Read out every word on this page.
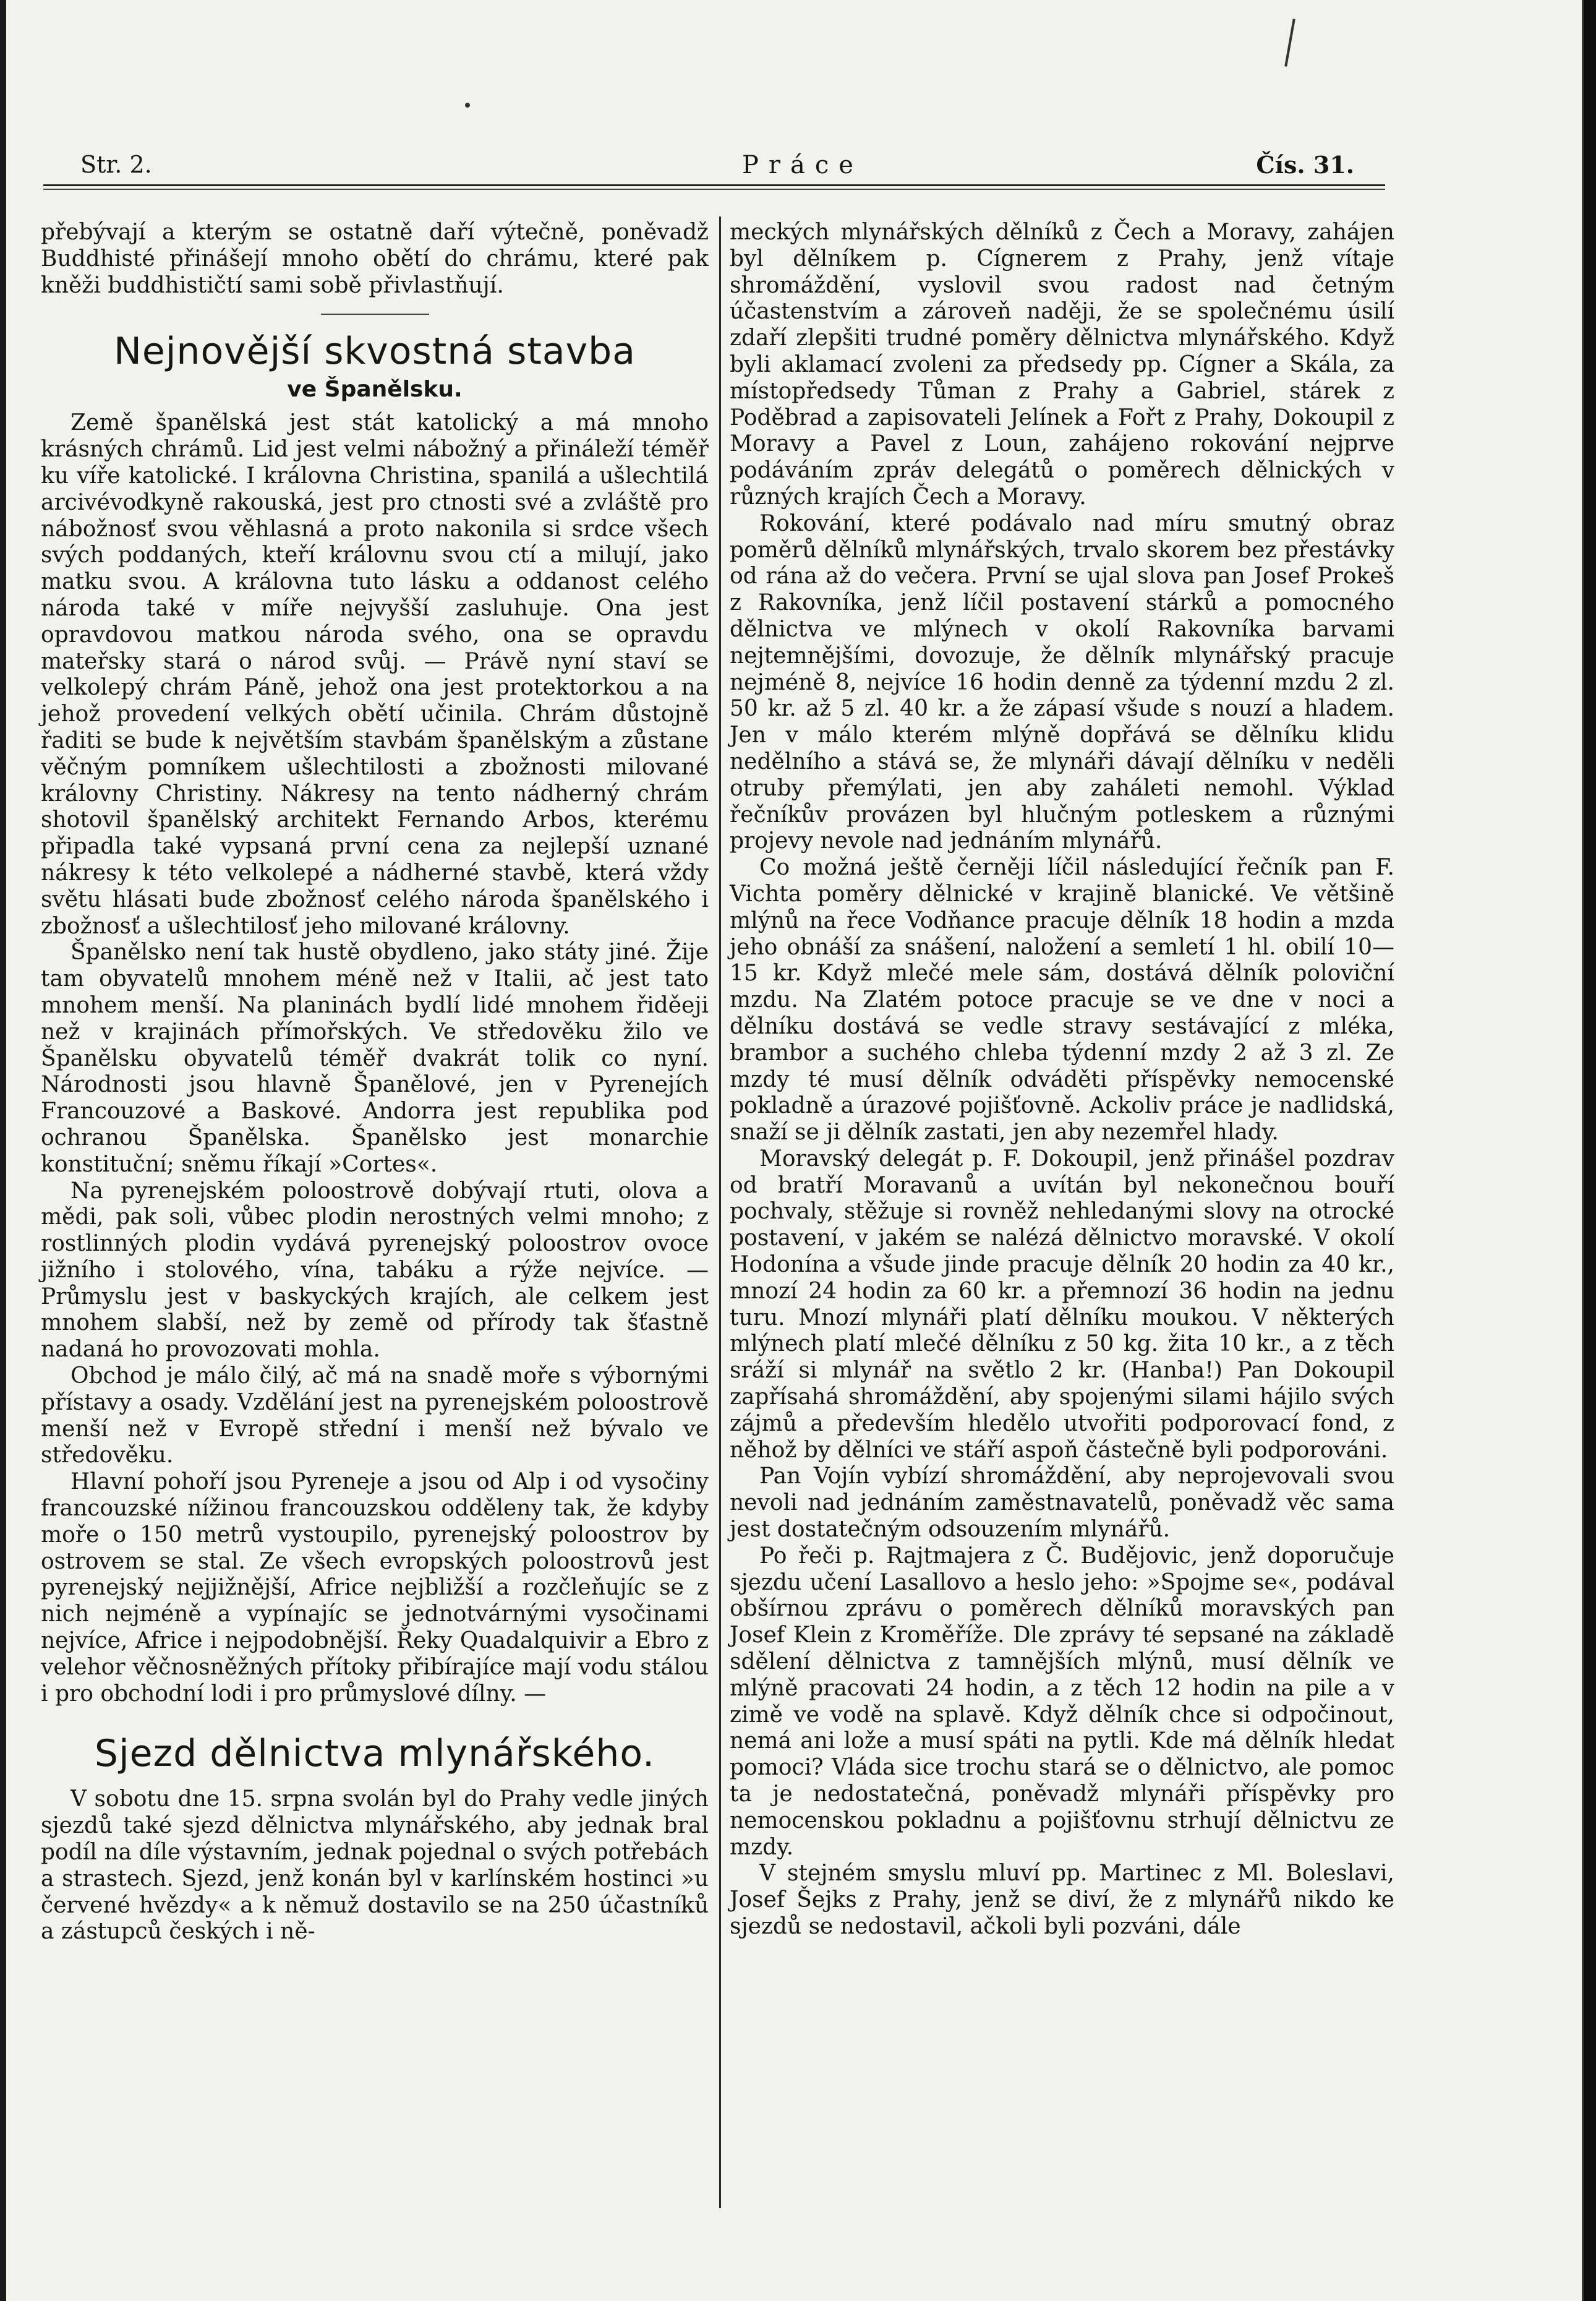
Str. 2.	Práce	Čís. 31.

přebývají a kterým se ostatně daří výtečně, poněvadž Buddhisté přinášejí mnoho obětí do chrámu, které pak kněži buddhističtí sami sobě přivlastňují.

Nejnovější skvostná stavba
ve Španělsku.

Země španělská jest stát katolický a má mnoho krásných chrámů. Lid jest velmi nábožný a přináleží téměř ku víře katolické. I královna Christina, spanilá a ušlechtilá arcivévodkyně rakouská, jest pro ctnosti své a zvláště pro nábožnosť svou věhlasná a proto nakonila si srdce všech svých poddaných, kteří královnu svou ctí a milují, jako matku svou. A královna tuto lásku a oddanost celého národa také v míře nejvyšší zasluhuje. Ona jest opravdovou matkou národa svého, ona se opravdu mateřsky stará o národ svůj. — Právě nyní staví se velkolepý chrám Páně, jehož ona jest protektorkou a na jehož provedení velkých obětí učinila. Chrám důstojně řaditi se bude k největším stavbám španělským a zůstane věčným pomníkem ušlechtilosti a zbožnosti milované královny Christiny. Nákresy na tento nádherný chrám shotovil španělský architekt Fernando Arbos, kterému připadla také vypsaná první cena za nejlepší uznané nákresy k této velkolepé a nádherné stavbě, která vždy světu hlásati bude zbožnosť celého národa španělského i zbožnosť a ušlechtilosť jeho milované královny.

Španělsko není tak hustě obydleno, jako státy jiné. Žije tam obyvatelů mnohem méně než v Italii, ač jest tato mnohem menší. Na planinách bydlí lidé mnohem řiděeji než v krajinách přímořských. Ve středověku žilo ve Španělsku obyvatelů téměř dvakrát tolik co nyní. Národnosti jsou hlavně Španělové, jen v Pyrenejích Francouzové a Baskové. Andorra jest republika pod ochranou Španělska. Španělsko jest monarchie konstituční; sněmu říkají »Cortes«.

Na pyrenejském poloostrově dobývají rtuti, olova a mědi, pak soli, vůbec plodin nerostných velmi mnoho; z rostlinných plodin vydává pyrenejský poloostrov ovoce jižního i stolového, vína, tabáku a rýže nejvíce. — Průmyslu jest v baskyckých krajích, ale celkem jest mnohem slabší, než by země od přírody tak šťastně nadaná ho provozovati mohla.

Obchod je málo čilý, ač má na snadě moře s výbornými přístavy a osady. Vzdělání jest na pyrenejském poloostrově menší než v Evropě střední i menší než bývalo ve středověku.

Hlavní pohoří jsou Pyreneje a jsou od Alp i od vysočiny francouzské nížinou francouzskou odděleny tak, že kdyby moře o 150 metrů vystoupilo, pyrenejský poloostrov by ostrovem se stal. Ze všech evropských poloostrovů jest pyrenejský nejjižnější, Africe nejbližší a rozčleňujíc se z nich nejméně a vypínajíc se jednotvárnými vysočinami nejvíce, Africe i nejpodobnější. Řeky Quadalquivir a Ebro z velehor věčnosněžných přítoky přibírajíce mají vodu stálou i pro obchodní lodi i pro průmyslové dílny. —

Sjezd dělnictva mlynářského.

V sobotu dne 15. srpna svolán byl do Prahy vedle jiných sjezdů také sjezd dělnictva mlynářského, aby jednak bral podíl na díle výstavním, jednak pojednal o svých potřebách a strastech. Sjezd, jenž konán byl v karlínském hostinci »u červené hvězdy« a k němuž dostavilo se na 250 účastníků a zástupců českých i ně-

meckých mlynářských dělníků z Čech a Moravy, zahájen byl dělníkem p. Cígnerem z Prahy, jenž vítaje shromáždění, vyslovil svou radost nad četným účastenstvím a zároveň naději, že se společnému úsilí zdaří zlepšiti trudné poměry dělnictva mlynářského. Když byli aklamací zvoleni za předsedy pp. Cígner a Skála, za místopředsedy Tůman z Prahy a Gabriel, stárek z Poděbrad a zapisovateli Jelínek a Fořt z Prahy, Dokoupil z Moravy a Pavel z Loun, zahájeno rokování nejprve podáváním zpráv delegátů o poměrech dělnických v různých krajích Čech a Moravy.

Rokování, které podávalo nad míru smutný obraz poměrů dělníků mlynářských, trvalo skorem bez přestávky od rána až do večera. První se ujal slova pan Josef Prokeš z Rakovníka, jenž líčil postavení stárků a pomocného dělnictva ve mlýnech v okolí Rakovníka barvami nejtemnějšími, dovozuje, že dělník mlynářský pracuje nejméně 8, nejvíce 16 hodin denně za týdenní mzdu 2 zl. 50 kr. až 5 zl. 40 kr. a že zápasí všude s nouzí a hladem. Jen v málo kterém mlýně dopřává se dělníku klidu nedělního a stává se, že mlynáři dávají dělníku v neděli otruby přemýlati, jen aby zaháleti nemohl. Výklad řečníkův provázen byl hlučným potleskem a různými projevy nevole nad jednáním mlynářů.

Co možná ještě černěji líčil následující řečník pan F. Vichta poměry dělnické v krajině blanické. Ve většině mlýnů na řece Vodňance pracuje dělník 18 hodin a mzda jeho obnáší za snášení, naložení a semletí 1 hl. obilí 10—15 kr. Když mlečé mele sám, dostává dělník poloviční mzdu. Na Zlatém potoce pracuje se ve dne v noci a dělníku dostává se vedle stravy sestávající z mléka, brambor a suchého chleba týdenní mzdy 2 až 3 zl. Ze mzdy té musí dělník odváděti příspěvky nemocenské pokladně a úrazové pojišťovně. Ackoliv práce je nadlidská, snaží se ji dělník zastati, jen aby nezemřel hlady.

Moravský delegát p. F. Dokoupil, jenž přinášel pozdrav od bratří Moravanů a uvítán byl nekonečnou bouří pochvaly, stěžuje si rovněž nehledanými slovy na otrocké postavení, v jakém se nalézá dělnictvo moravské. V okolí Hodonína a všude jinde pracuje dělník 20 hodin za 40 kr., mnozí 24 hodin za 60 kr. a přemnozí 36 hodin na jednu turu. Mnozí mlynáři platí dělníku moukou. V některých mlýnech platí mlečé dělníku z 50 kg. žita 10 kr., a z těch sráží si mlynář na světlo 2 kr. (Hanba!) Pan Dokoupil zapřísahá shromáždění, aby spojenými silami hájilo svých zájmů a především hledělo utvořiti podporovací fond, z něhož by dělníci ve stáří aspoň částečně byli podporováni.

Pan Vojín vybízí shromáždění, aby neprojevovali svou nevoli nad jednáním zaměstnavatelů, poněvadž věc sama jest dostatečným odsouzením mlynářů.

Po řeči p. Rajtmajera z Č. Budějovic, jenž doporučuje sjezdu učení Lasallovo a heslo jeho: »Spojme se«, podával obšírnou zprávu o poměrech dělníků moravských pan Josef Klein z Kroměříže. Dle zprávy té sepsané na základě sdělení dělnictva z tamnějších mlýnů, musí dělník ve mlýně pracovati 24 hodin, a z těch 12 hodin na pile a v zimě ve vodě na splavě. Když dělník chce si odpočinout, nemá ani lože a musí spáti na pytli. Kde má dělník hledat pomoci? Vláda sice trochu stará se o dělnictvo, ale pomoc ta je nedostatečná, poněvadž mlynáři příspěvky pro nemocenskou pokladnu a pojišťovnu strhují dělnictvu ze mzdy.

V stejném smyslu mluví pp. Martinec z Ml. Boleslavi, Josef Šejks z Prahy, jenž se diví, že z mlynářů nikdo ke sjezdů se nedostavil, ačkoli byli pozváni, dále
